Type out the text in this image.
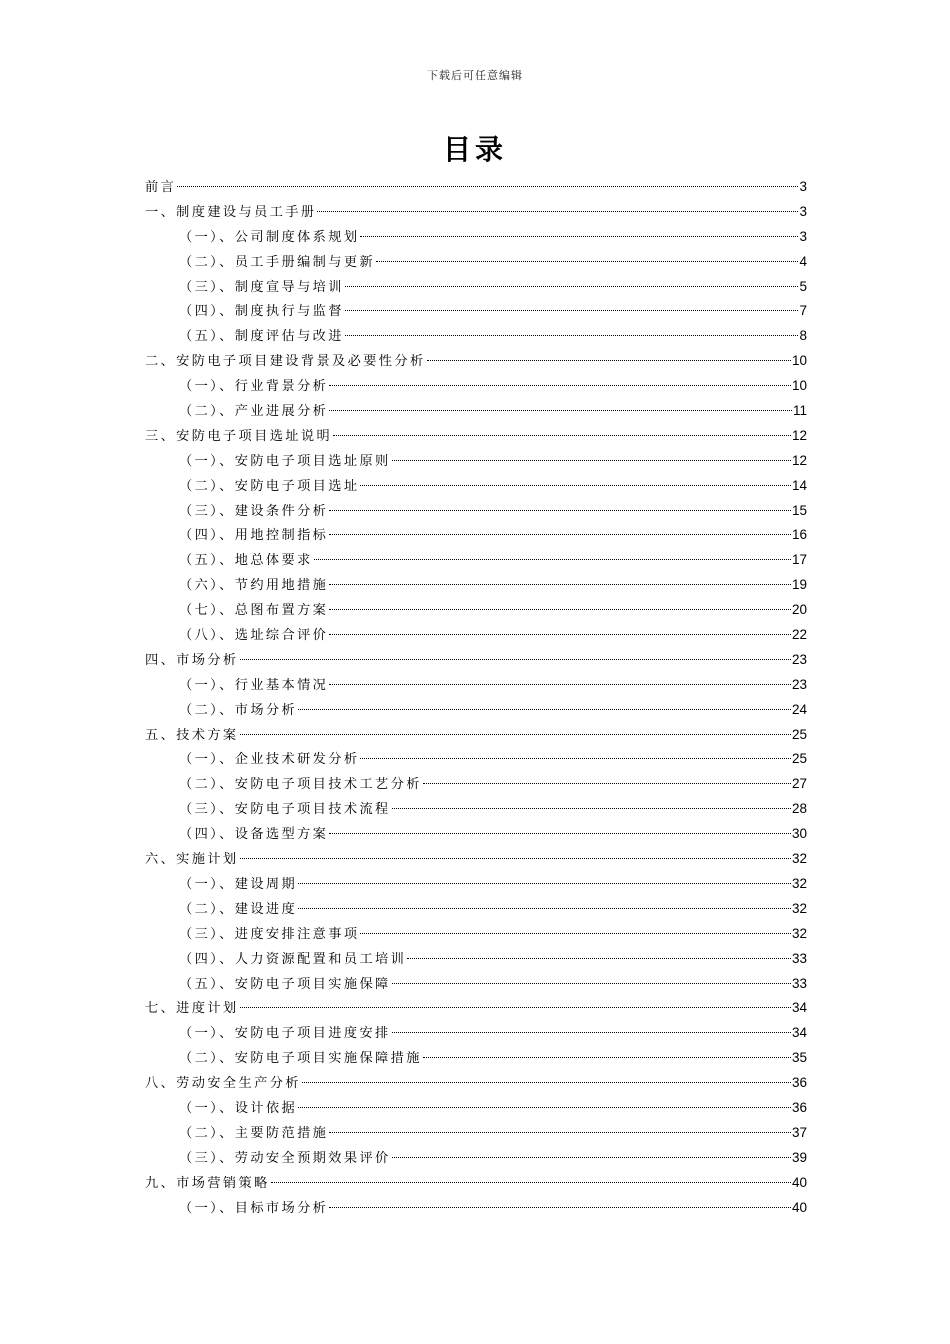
下载后可任意编辑
目录
前言	3
一、制度建设与员工手册	3
（一）、公司制度体系规划	3
（二）、员工手册编制与更新	4
（三）、制度宣导与培训	5
（四）、制度执行与监督	7
（五）、制度评估与改进	8
二、安防电子项目建设背景及必要性分析	10
（一）、行业背景分析	10
（二）、产业进展分析	11
三、安防电子项目选址说明	12
（一）、安防电子项目选址原则	12
（二）、安防电子项目选址	14
（三）、建设条件分析	15
（四）、用地控制指标	16
（五）、地总体要求	17
（六）、节约用地措施	19
（七）、总图布置方案	20
（八）、选址综合评价	22
四、市场分析	23
（一）、行业基本情况	23
（二）、市场分析	24
五、技术方案	25
（一）、企业技术研发分析	25
（二）、安防电子项目技术工艺分析	27
（三）、安防电子项目技术流程	28
（四）、设备选型方案	30
六、实施计划	32
（一）、建设周期	32
（二）、建设进度	32
（三）、进度安排注意事项	32
（四）、人力资源配置和员工培训	33
（五）、安防电子项目实施保障	33
七、进度计划	34
（一）、安防电子项目进度安排	34
（二）、安防电子项目实施保障措施	35
八、劳动安全生产分析	36
（一）、设计依据	36
（二）、主要防范措施	37
（三）、劳动安全预期效果评价	39
九、市场营销策略	40
（一）、目标市场分析	40
